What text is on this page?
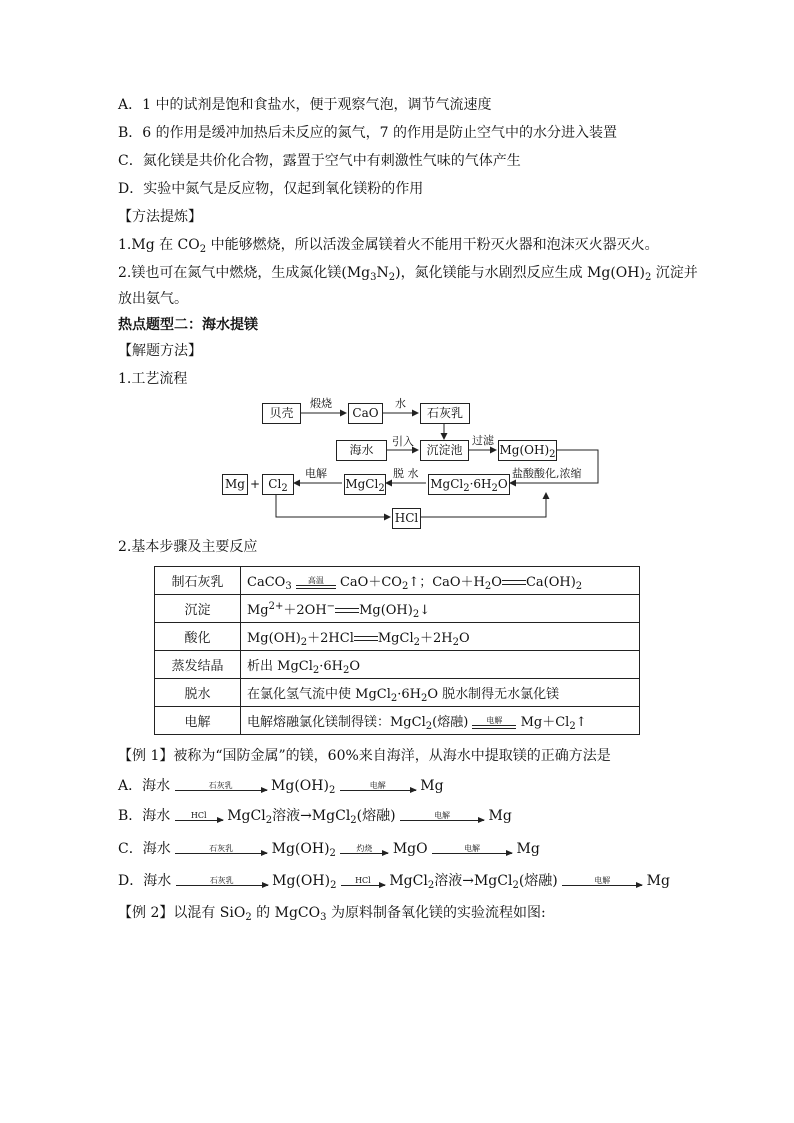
A．1 中的试剂是饱和食盐水，便于观察气泡，调节气流速度
B．6 的作用是缓冲加热后未反应的氮气，7 的作用是防止空气中的水分进入装置
C．氮化镁是共价化合物，露置于空气中有刺激性气味的气体产生
D．实验中氮气是反应物，仅起到氧化镁粉的作用
【方法提炼】
1.Mg 在 $CO_2$ 中能够燃烧，所以活泼金属镁着火不能用干粉灭火器和泡沫灭火器灭火。
2.镁也可在氮气中燃烧，生成氮化镁$(Mg_3N_2)$，氮化镁能与水剧烈反应生成 $Mg(OH)_2$ 沉淀并
放出氨气。
热点题型二：海水提镁
【解题方法】
1.工艺流程
贝壳
煅烧
CaO
水
石灰乳
海水
引入
沉淀池
过滤
$Mg(OH)_2$
盐酸酸化,浓缩
$MgCl_2\cdot 6H_2O$
脱 水
MgCl$_2$
电解
$Cl_2$
+
Mg
HCl
2.基本步骤及主要反应
制石灰乳	CaCO$_3$
高温 $CaO+CO_2↑$；$CaO+H_2O$ $Ca(OH)_2$
沉淀	$Mg^{2+}+2OH^-$ $Mg(OH)_2↓$
酸化	$Mg(OH)_2+2HCl$ $MgCl_2+2H_2O$
蒸发结晶	析出 $MgCl_2\cdot 6H_2O$
脱水	在氯化氢气流中使 $MgCl_2\cdot 6H_2O$ 脱水制得无水氯化镁
电解	电解熔融氯化镁制得镁：MgCl$_2$(熔融) 电解 $Mg+Cl_2↑$
【例 1】被称为“国防金属”的镁，60%来自海洋，从海水中提取镁的正确方法是
A．海水	石灰乳	$Mg(OH)_2$	电解	Mg
B．海水	HCl	MgCl$_2$溶液→MgCl$_2$(熔融)	电解	Mg
C．海水	石灰乳	$Mg(OH)_2$	灼烧	MgO	电解	Mg
D．海水	石灰乳	$Mg(OH)_2$	HCl	MgCl$_2$溶液→MgCl$_2$(熔融)	电解	Mg
【例 2】以混有 SiO$_2$ 的 MgCO$_3$ 为原料制备氧化镁的实验流程如图:
